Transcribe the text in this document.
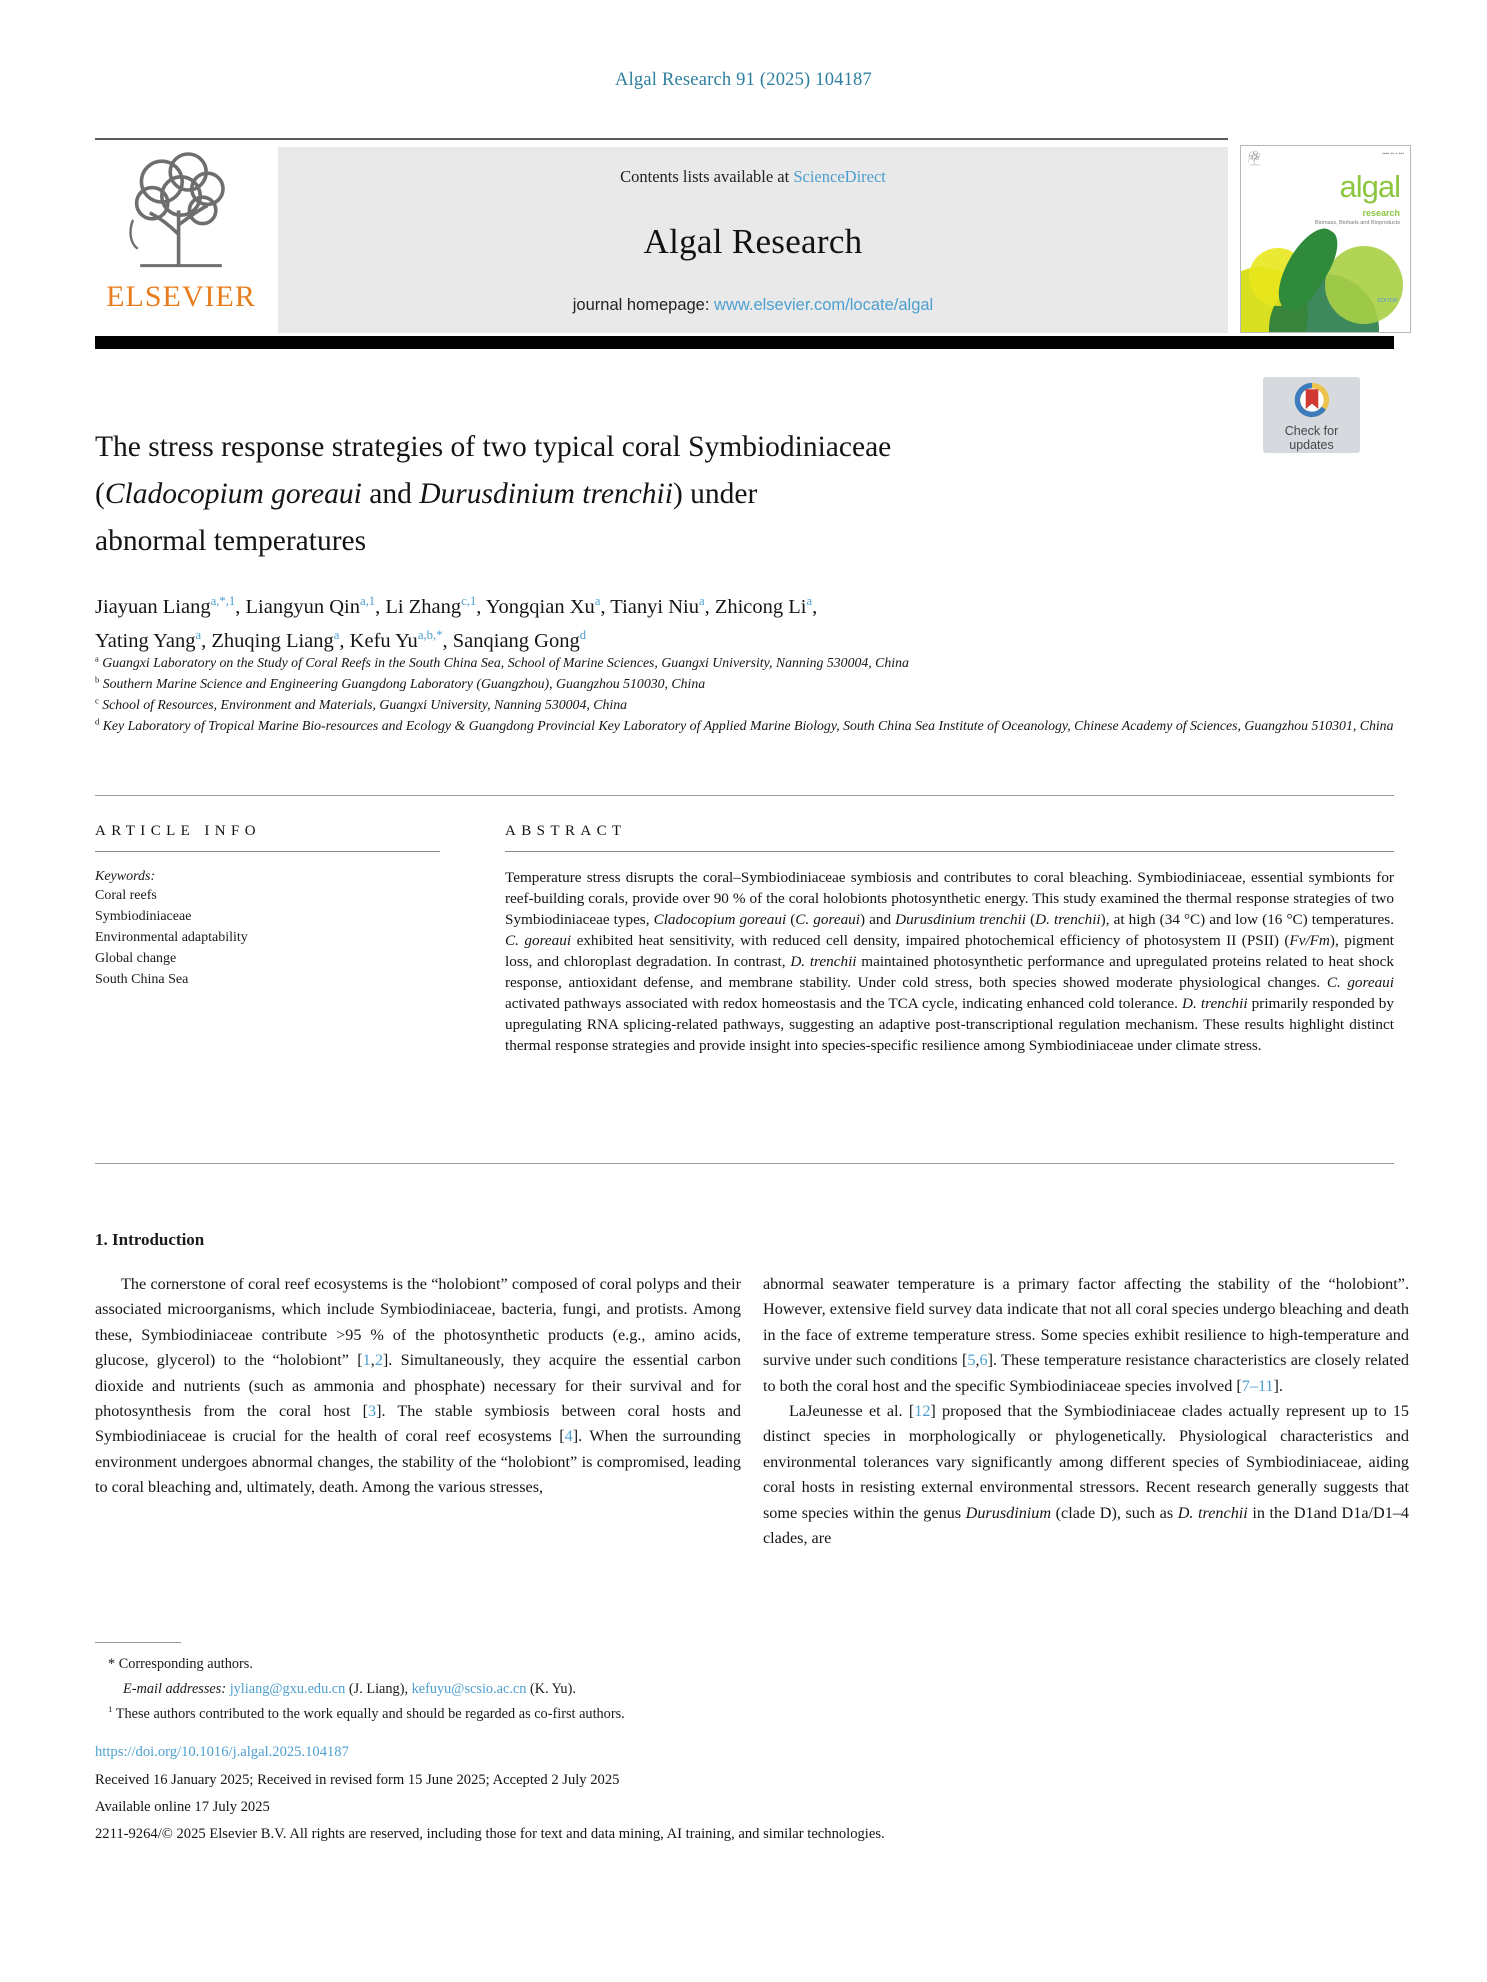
Algal Research 91 (2025) 104187
ELSEVIER
Contents lists available at ScienceDirect
Algal Research
journal homepage: www.elsevier.com/locate/algal
▪▪▪▪ ▪▪ ▪ ▪▪▪
algal
research
Biomass, Biofuels and Bioproducts
EDITOR
Check for
updates
The stress response strategies of two typical coral Symbiodiniaceae
(Cladocopium goreaui and Durusdinium trenchii) under
abnormal temperatures
Jiayuan Liang$^{a,*,1}$, Liangyun Qin$^{a,1}$, Li Zhang$^{c,1}$, Yongqian Xu$^a$, Tianyi Niu$^a$, Zhicong Li$^a$,
Yating Yang$^a$, Zhuqing Liang$^a$, Kefu $Yu^{a,b,*}$, Sanqiang Gong$^d$
$^a$ Guangxi Laboratory on the Study of Coral Reefs in the South China Sea, School of Marine Sciences, Guangxi University, Nanning 530004, China
$^b$ Southern Marine Science and Engineering Guangdong Laboratory (Guangzhou), Guangzhou 510030, China
$^c$ School of Resources, Environment and Materials, Guangxi University, Nanning 530004, China
$^d$ Key Laboratory of Tropical Marine Bio-resources and Ecology & Guangdong Provincial Key Laboratory of Applied Marine Biology, South China Sea Institute of Oceanology, Chinese Academy of Sciences, Guangzhou 510301, China
ARTICLE INFO
Keywords:
Coral reefs
Symbiodiniaceae
Environmental adaptability
Global change
South China Sea
ABSTRACT
Temperature stress disrupts the coral–Symbiodiniaceae symbiosis and contributes to coral bleaching. Symbiodiniaceae, essential symbionts for reef-building corals, provide over 90 % of the coral holobionts photosynthetic energy. This study examined the thermal response strategies of two Symbiodiniaceae types, Cladocopium goreaui (C. goreaui) and Durusdinium trenchii (D. trenchii), at high (34 °C) and low (16 °C) temperatures. C. goreaui exhibited heat sensitivity, with reduced cell density, impaired photochemical efficiency of photosystem II (PSII) (Fv/Fm), pigment loss, and chloroplast degradation. In contrast, D. trenchii maintained photosynthetic performance and upregulated proteins related to heat shock response, antioxidant defense, and membrane stability. Under cold stress, both species showed moderate physiological changes. C. goreaui activated pathways associated with redox homeostasis and the TCA cycle, indicating enhanced cold tolerance. D. trenchii primarily responded by upregulating RNA splicing-related pathways, suggesting an adaptive post-transcriptional regulation mechanism. These results highlight distinct thermal response strategies and provide insight into species-specific resilience among Symbiodiniaceae under climate stress.
1. Introduction
The cornerstone of coral reef ecosystems is the “holobiont” composed of coral polyps and their associated microorganisms, which include Symbiodiniaceae, bacteria, fungi, and protists. Among these, Symbiodiniaceae contribute >95 % of the photosynthetic products (e.g., amino acids, glucose, glycerol) to the “holobiont” [1,2]. Simultaneously, they acquire the essential carbon dioxide and nutrients (such as ammonia and phosphate) necessary for their survival and for photosynthesis from the coral host [3]. The stable symbiosis between coral hosts and Symbiodiniaceae is crucial for the health of coral reef ecosystems [4]. When the surrounding environment undergoes abnormal changes, the stability of the “holobiont” is compromised, leading to coral bleaching and, ultimately, death. Among the various stresses,
abnormal seawater temperature is a primary factor affecting the stability of the “holobiont”. However, extensive field survey data indicate that not all coral species undergo bleaching and death in the face of extreme temperature stress. Some species exhibit resilience to high-temperature and survive under such conditions [5,6]. These temperature resistance characteristics are closely related to both the coral host and the specific Symbiodiniaceae species involved [7–11].
LaJeunesse et al. [12] proposed that the Symbiodiniaceae clades actually represent up to 15 distinct species in morphologically or phylogenetically. Physiological characteristics and environmental tolerances vary significantly among different species of Symbiodiniaceae, aiding coral hosts in resisting external environmental stressors. Recent research generally suggests that some species within the genus Durusdinium (clade D), such as D. trenchii in the D1and D1a/D1–4 clades, are
* Corresponding authors.
E-mail addresses: jyliang@gxu.edu.cn (J. Liang), kefuyu@scsio.ac.cn (K. Yu).
$^1$ These authors contributed to the work equally and should be regarded as co-first authors.
https://doi.org/10.1016/j.algal.2025.104187
Received 16 January 2025; Received in revised form 15 June 2025; Accepted 2 July 2025
Available online 17 July 2025
2211-9264/© 2025 Elsevier B.V. All rights are reserved, including those for text and data mining, AI training, and similar technologies.
